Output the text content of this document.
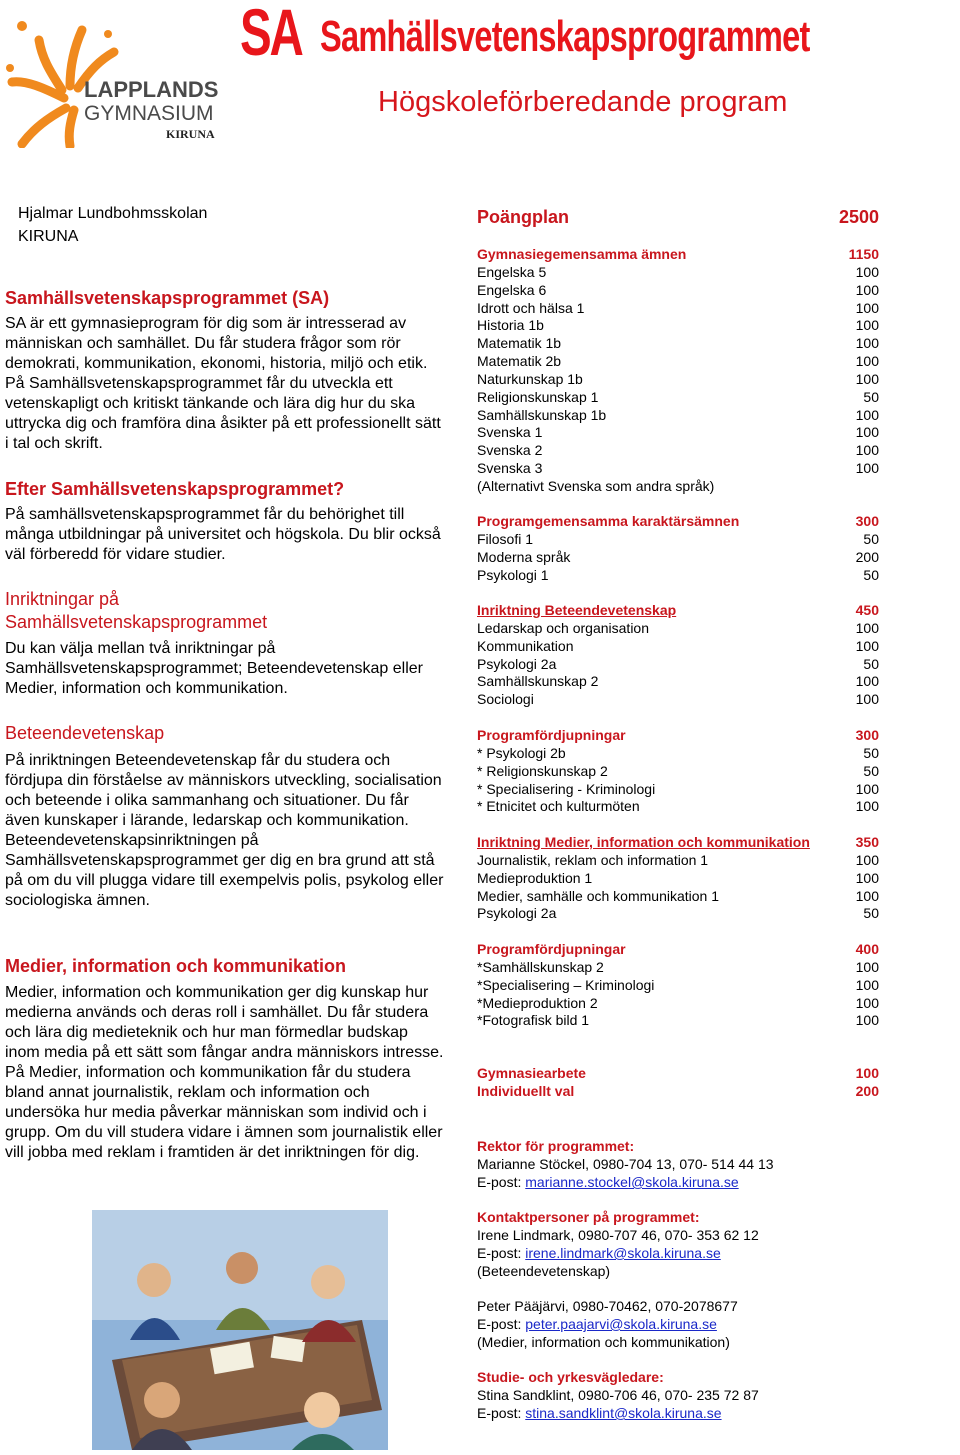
LAPPLANDS
GYMNASIUM
KIRUNA
SA Samhällsvetenskapsprogrammet
Högskoleförberedande program
Hjalmar Lundbohmsskolan
KIRUNA
Samhällsvetenskapsprogrammet (SA)

SA är ett gymnasieprogram för dig som är intresserad av människan och samhället. Du får studera frågor som rör demokrati, kommunikation, ekonomi, historia, miljö och etik. På Samhällsvetenskapsprogrammet får du utveckla ett vetenskapligt och kritiskt tänkande och lära dig hur du ska uttrycka dig och framföra dina åsikter på ett professionellt sätt i tal och skrift.

Efter Samhällsvetenskapsprogrammet?

På samhällsvetenskapsprogrammet får du behörighet till många utbildningar på universitet och högskola. Du blir också väl förberedd för vidare studier.

Inriktningar på
Samhällsvetenskapsprogrammet

Du kan välja mellan två inriktningar på Samhällsvetenskapsprogrammet; Beteendevetenskap eller Medier, information och kommunikation.

Beteendevetenskap

På inriktningen Beteendevetenskap får du studera och fördjupa din förståelse av människors utveckling, socialisation och beteende i olika sammanhang och situationer. Du får även kunskaper i lärande, ledarskap och kommunikation. Beteendevetenskapsinriktningen på Samhällsvetenskapsprogrammet ger dig en bra grund att stå på om du vill plugga vidare till exempelvis polis, psykolog eller sociologiska ämnen.

Medier, information och kommunikation

Medier, information och kommunikation ger dig kunskap hur medierna används och deras roll i samhället. Du får studera och lära dig medieteknik och hur man förmedlar budskap inom media på ett sätt som fångar andra människors intresse. På Medier, information och kommunikation får du studera bland annat journalistik, reklam och information och undersöka hur media påverkar människan som individ och i grupp. Om du vill studera vidare i ämnen som journalistik eller vill jobba med reklam i framtiden är det inriktningen för dig.

Poängplan	2500
Gymnasiegemensamma ämnen	1150
Engelska 5	100
Engelska 6	100
Idrott och hälsa 1	100
Historia 1b	100
Matematik 1b	100
Matematik 2b	100
Naturkunskap 1b	100
Religionskunskap 1	50
Samhällskunskap 1b	100
Svenska 1	100
Svenska 2	100
Svenska 3	100
(Alternativt Svenska som andra språk)
Programgemensamma karaktärsämnen	300
Filosofi 1	50
Moderna språk	200
Psykologi 1	50
Inriktning Beteendevetenskap	450
Ledarskap och organisation	100
Kommunikation	100
Psykologi 2a	50
Samhällskunskap 2	100
Sociologi	100
Programfördjupningar	300
* Psykologi 2b	50
* Religionskunskap 2	50
* Specialisering - Kriminologi	100
* Etnicitet och kulturmöten	100
Inriktning Medier, information och kommunikation	350
Journalistik, reklam och information 1	100
Medieproduktion 1	100
Medier, samhälle och kommunikation 1	100
Psykologi 2a	50
Programfördjupningar	400
*Samhällskunskap 2	100
*Specialisering – Kriminologi	100
*Medieproduktion 2	100
*Fotografisk bild 1	100
Gymnasiearbete	100
Individuellt val	200
Rektor för programmet:
Marianne Stöckel, 0980-704 13, 070- 514 44 13
E-post: marianne.stockel@skola.kiruna.se
Kontaktpersoner på programmet:
Irene Lindmark, 0980-707 46, 070- 353 62 12
E-post: irene.lindmark@skola.kiruna.se
(Beteendevetenskap)
Peter Pääjärvi, 0980-70462, 070-2078677
E-post: peter.paajarvi@skola.kiruna.se
(Medier, information och kommunikation)
Studie- och yrkesvägledare:
Stina Sandklint, 0980-706 46, 070- 235 72 87
E-post: stina.sandklint@skola.kiruna.se
